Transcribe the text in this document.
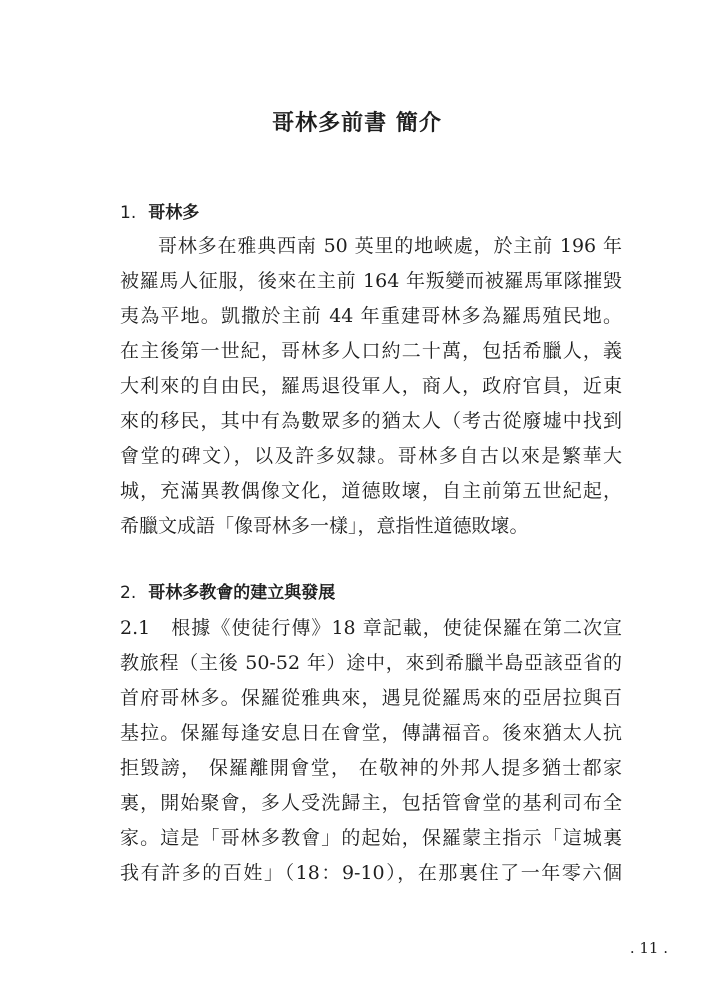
哥林多前書 簡介
1. 哥林多
哥林多在雅典西南 50 英里的地峽處，於主前 196 年
被羅馬人征服，後來在主前 164 年叛變而被羅馬軍隊摧毀
夷為平地。凱撒於主前 44 年重建哥林多為羅馬殖民地。
在主後第一世紀，哥林多人口約二十萬，包括希臘人，義
大利來的自由民，羅馬退役軍人，商人，政府官員，近東
來的移民，其中有為數眾多的猶太人（考古從廢墟中找到
會堂的碑文），以及許多奴隸。哥林多自古以來是繁華大
城，充滿異教偶像文化，道德敗壞，自主前第五世紀起，
希臘文成語「像哥林多一樣」，意指性道德敗壞。
2. 哥林多教會的建立與發展
2.1　根據《使徒行傳》18 章記載，使徒保羅在第二次宣
教旅程（主後 50-52 年）途中，來到希臘半島亞該亞省的
首府哥林多。保羅從雅典來，遇見從羅馬來的亞居拉與百
基拉。保羅每逢安息日在會堂，傳講福音。後來猶太人抗
拒毀謗， 保羅離開會堂， 在敬神的外邦人提多猶士都家
裏，開始聚會，多人受洗歸主，包括管會堂的基利司布全
家。這是「哥林多教會」的起始，保羅蒙主指示「這城裏
我有許多的百姓」（18：9-10），在那裏住了一年零六個
. 11 .
